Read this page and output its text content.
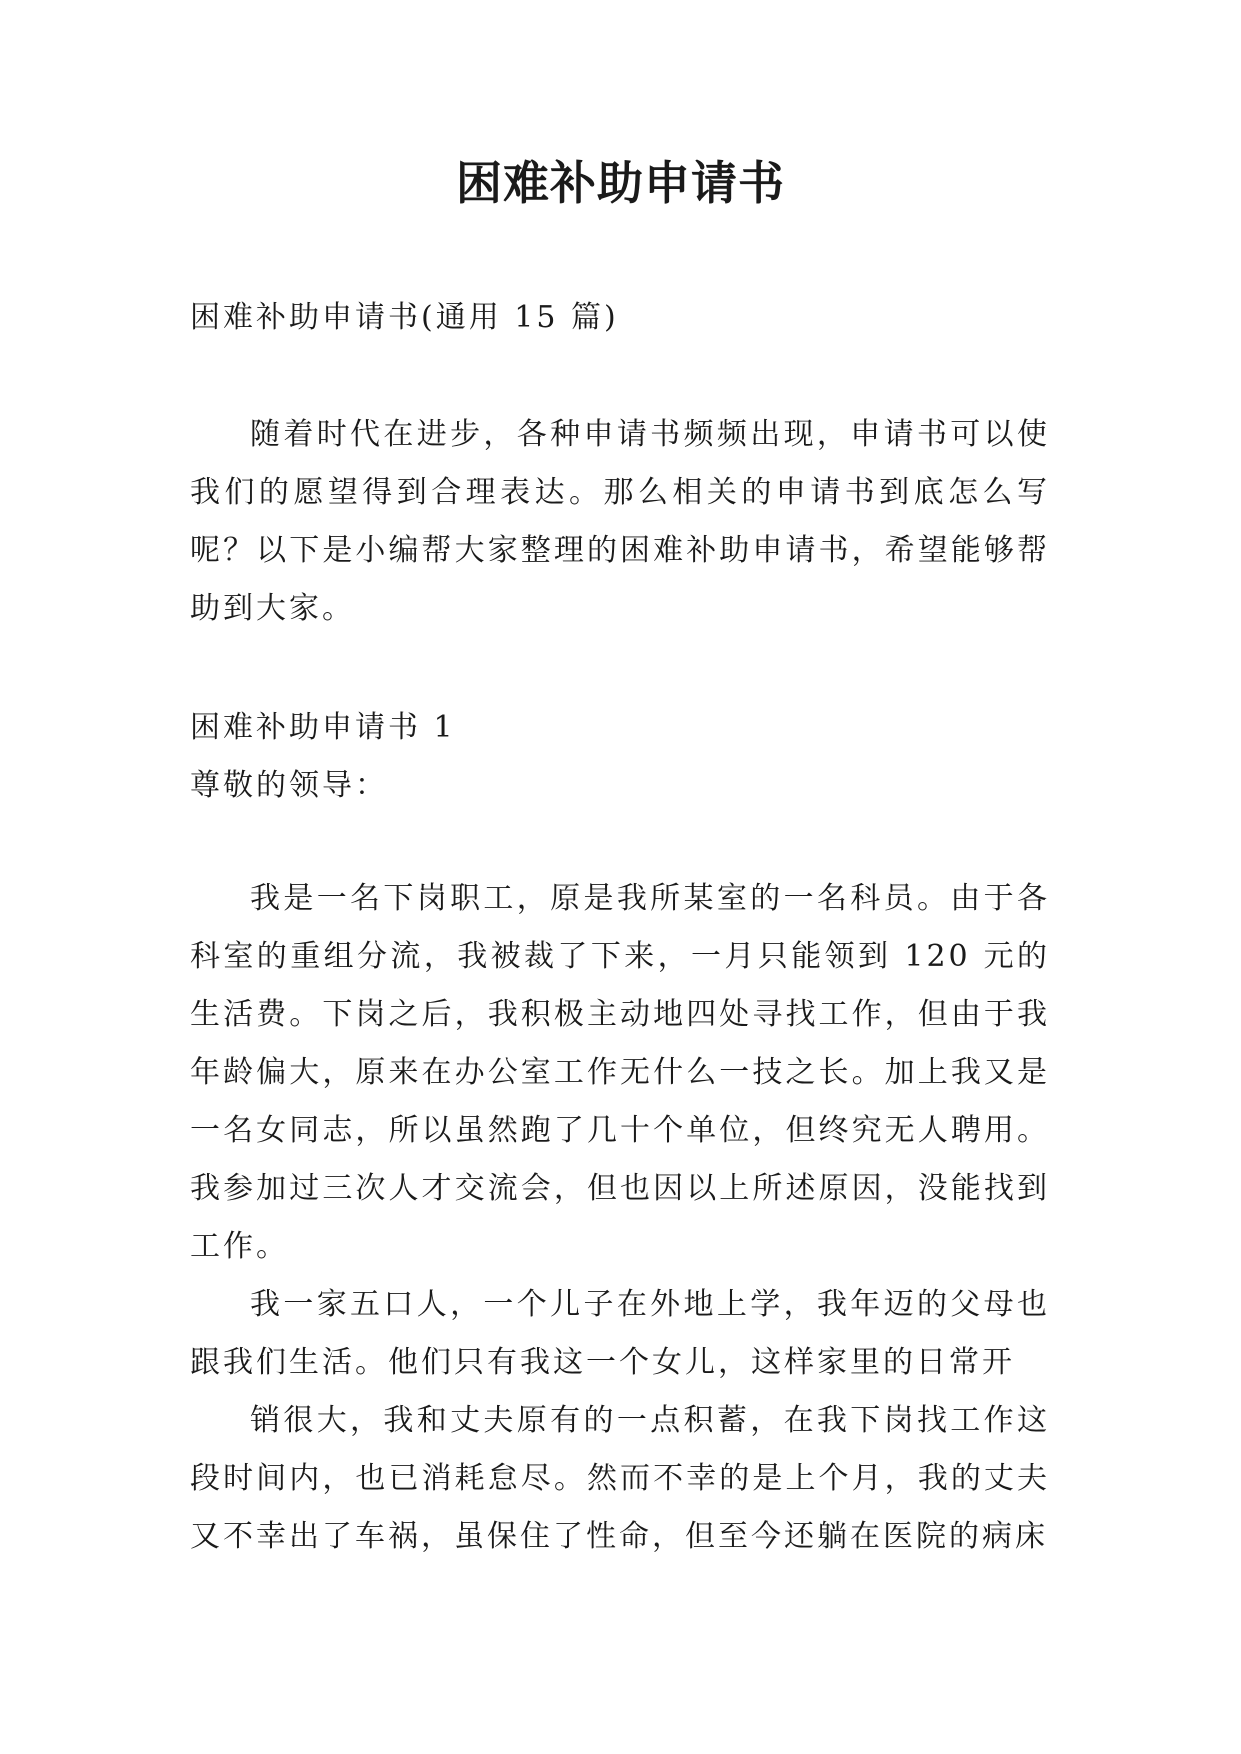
困难补助申请书

困难补助申请书(通用 15 篇)

随着时代在进步，各种申请书频频出现，申请书可以使我们的愿望得到合理表达。那么相关的申请书到底怎么写呢？以下是小编帮大家整理的困难补助申请书，希望能够帮助到大家。

困难补助申请书 1

尊敬的领导：

我是一名下岗职工，原是我所某室的一名科员。由于各科室的重组分流，我被裁了下来，一月只能领到 120 元的生活费。下岗之后，我积极主动地四处寻找工作，但由于我年龄偏大，原来在办公室工作无什么一技之长。加上我又是一名女同志，所以虽然跑了几十个单位，但终究无人聘用。我参加过三次人才交流会，但也因以上所述原因，没能找到工作。

我一家五口人，一个儿子在外地上学，我年迈的父母也跟我们生活。他们只有我这一个女儿，这样家里的日常开

销很大，我和丈夫原有的一点积蓄，在我下岗找工作这段时间内，也已消耗怠尽。然而不幸的是上个月，我的丈夫又不幸出了车祸，虽保住了性命，但至今还躺在医院的病床
